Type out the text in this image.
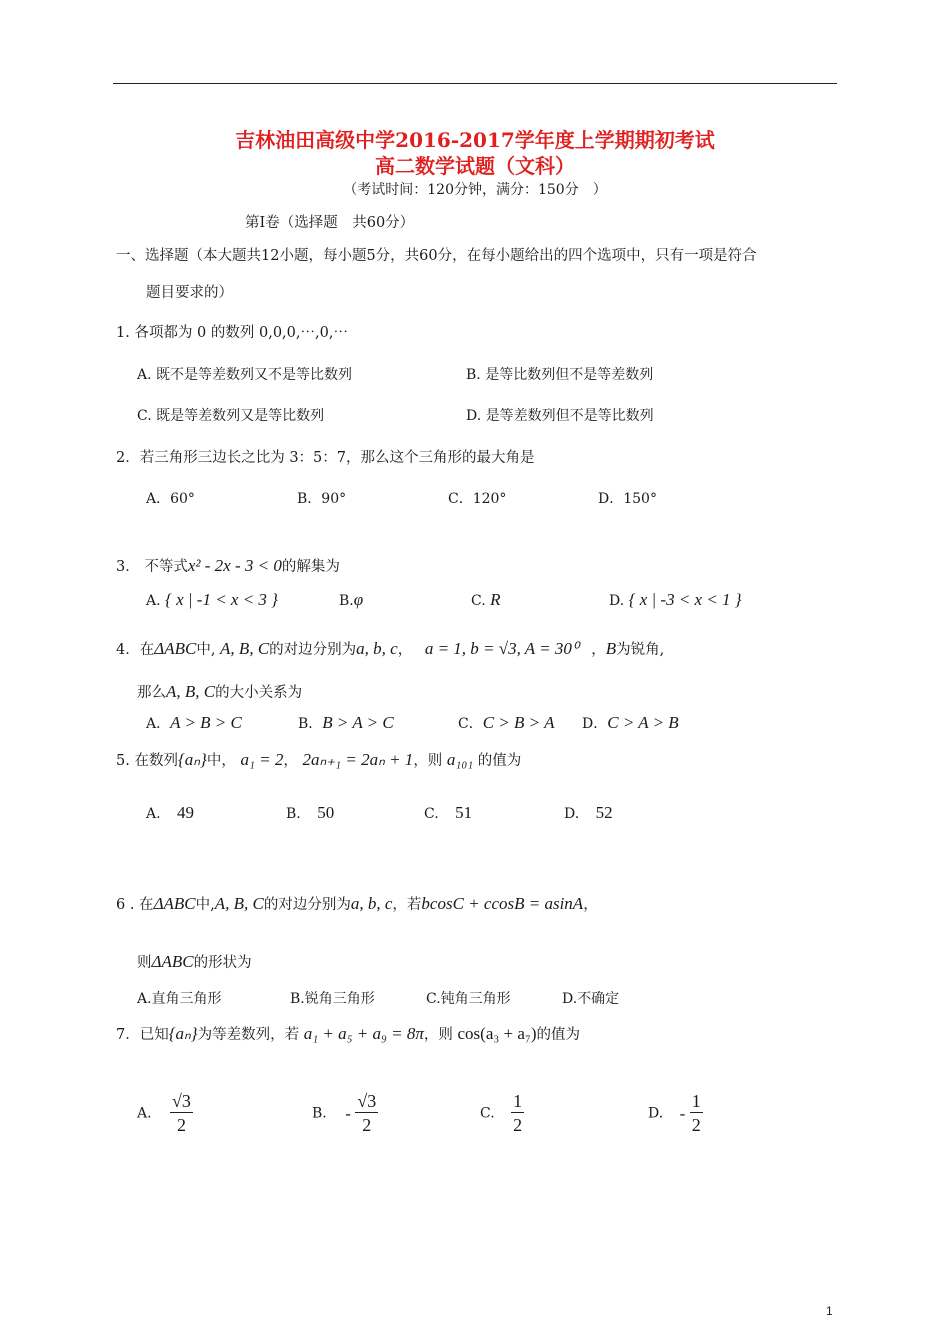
吉林油田高级中学2016-2017学年度上学期期初考试
高二数学试题（文科）
（考试时间：120分钟，满分：150分　）
第Ⅰ卷（选择题　共60分）
一、选择题（本大题共12小题，每小题5分，共60分，在每小题给出的四个选项中，只有一项是符合
题目要求的）
1. 各项都为 0 的数列 0,0,0,⋯,0,⋯
A. 既不是等差数列又不是等比数列	B. 是等比数列但不是等差数列
C. 既是等差数列又是等比数列	D. 是等差数列但不是等比数列
2．若三角形三边长之比为 3：5：7，那么这个三角形的最大角是
A．60°	B．90°	C．120°	D．150°
3． 不等式x² - 2x - 3 < 0的解集为
A. { x | -1 < x < 3 }	B.φ	C. R	D. { x | -3 < x < 1 }
4．在ΔABC中, A, B, C的对边分别为a, b, c， a = 1, b = √3, A = 30⁰ ，B为锐角,
那么A, B, C的大小关系为
A．A > B > C	B．B > A > C	C．C > B > A D．C > A > B
5. 在数列{aₙ}中， a₁ = 2， 2aₙ₊₁ = 2aₙ + 1，则 a₁₀₁ 的值为
A. 49	B. 50	C. 51	D. 52
6 . 在ΔABC中,A, B, C的对边分别为a, b, c，若bcosC + ccosB = asinA，
则ΔABC的形状为
A.直角三角形	B.锐角三角形	C.钝角三角形	D.不确定
7．已知{aₙ}为等差数列，若 a₁ + a₅ + a₉ = 8π，则 cos(a₃ + a₇)的值为
A. $\frac{√3}{2}$	B. - $\frac{√3}{2}$	C. $\frac{1}{2}$	D. - $\frac{1}{2}$
1
